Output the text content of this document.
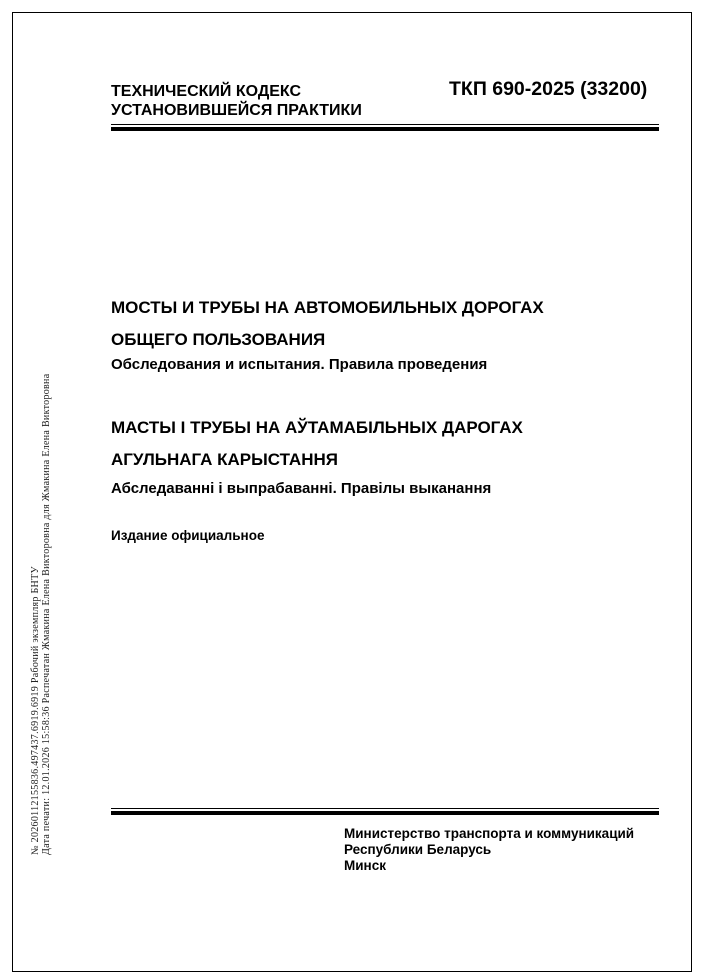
ТЕХНИЧЕСКИЙ КОДЕКС
УСТАНОВИВШЕЙСЯ ПРАКТИКИ
ТКП 690-2025 (33200)
МОСТЫ И ТРУБЫ НА АВТОМОБИЛЬНЫХ ДОРОГАХ
ОБЩЕГО ПОЛЬЗОВАНИЯ
Обследования и испытания. Правила проведения
МАСТЫ І ТРУБЫ НА АЎТАМАБІЛЬНЫХ ДАРОГАХ
АГУЛЬНАГА КАРЫСТАННЯ
Абследаванні і выпрабаванні. Правілы выканання
Издание официальное
Министерство транспорта и коммуникаций
Республики Беларусь
Минск
№ 20260112155836.497437.6919.6919 Рабочий экземпляр БНТУ Дата печати: 12.01.2026 15:58:36 Распечатан Жмакина Елена Викторовна для Жмакина Елена Викторовна
